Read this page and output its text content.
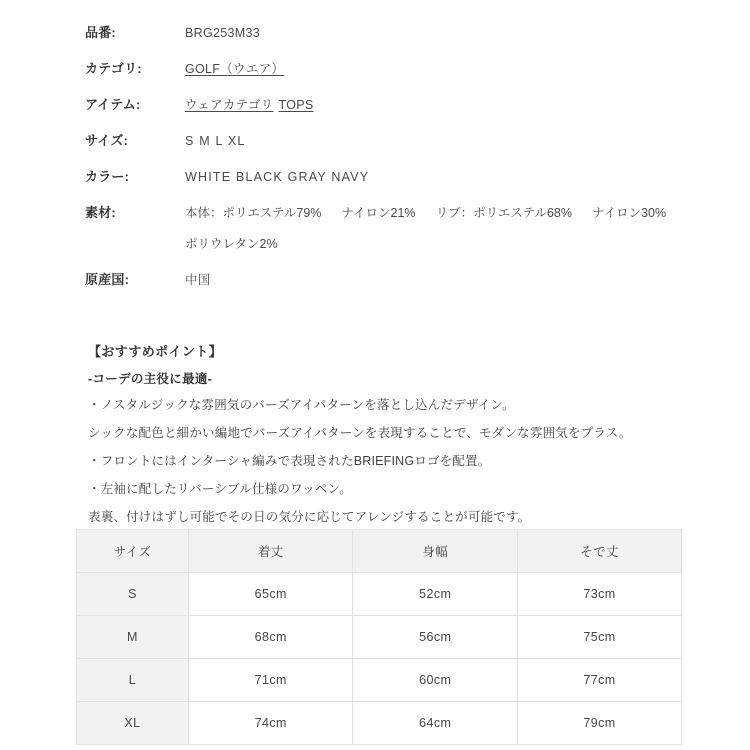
品番:	BRG253M33
カテゴリ:	GOLF（ウエア）
アイテム:	ウェアカテゴリ TOPS
サイズ:	S M L XL
カラー:	WHITE BLACK GRAY NAVY
素材:	本体：ポリエステル79% ナイロン21% リブ：ポリエステル68% ナイロン30%
ポリウレタン2%
原産国:	中国
【おすすめポイント】
-コーデの主役に最適-
・ノスタルジックな雰囲気のバーズアイパターンを落とし込んだデザイン。
シックな配色と細かい編地でバーズアイパターンを表現することで、モダンな雰囲気をプラス。
・フロントにはインターシャ編みで表現されたBRIEFINGロゴを配置。
・左袖に配したリバーシブル仕様のワッペン。
表裏、付けはずし可能でその日の気分に応じてアレンジすることが可能です。
サイズ	着丈	身幅	そで丈
S	65cm	52cm	73cm
M	68cm	56cm	75cm
L	71cm	60cm	77cm
XL	74cm	64cm	79cm
